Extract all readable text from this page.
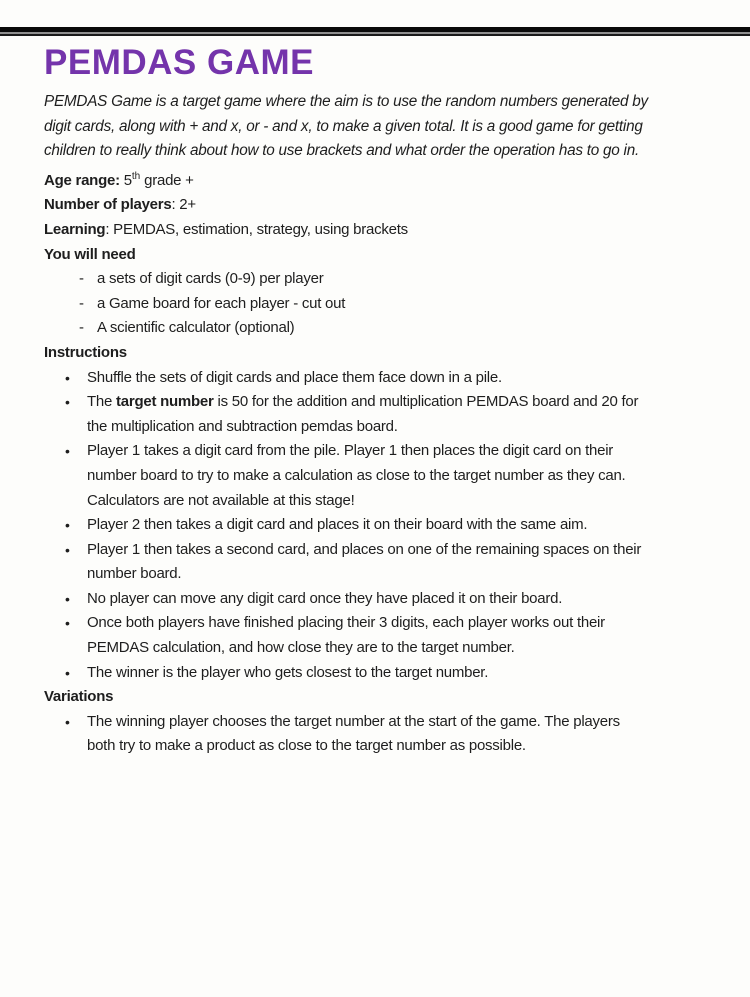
PEMDAS GAME
PEMDAS Game is a target game where the aim is to use the random numbers generated by
digit cards, along with + and x, or - and x, to make a given total. It is a good game for getting
children to really think about how to use brackets and what order the operation has to go in.
Age range: 5th grade +
Number of players: 2+
Learning: PEMDAS, estimation, strategy, using brackets
You will need
- a sets of digit cards (0-9) per player
- a Game board for each player - cut out
- A scientific calculator (optional)
Instructions
• Shuffle the sets of digit cards and place them face down in a pile.
• The target number is 50 for the addition and multiplication PEMDAS board and 20 for
the multiplication and subtraction pemdas board.
• Player 1 takes a digit card from the pile. Player 1 then places the digit card on their
number board to try to make a calculation as close to the target number as they can.
Calculators are not available at this stage!
• Player 2 then takes a digit card and places it on their board with the same aim.
• Player 1 then takes a second card, and places on one of the remaining spaces on their
number board.
• No player can move any digit card once they have placed it on their board.
• Once both players have finished placing their 3 digits, each player works out their
PEMDAS calculation, and how close they are to the target number.
• The winner is the player who gets closest to the target number.
Variations
• The winning player chooses the target number at the start of the game. The players
both try to make a product as close to the target number as possible.
